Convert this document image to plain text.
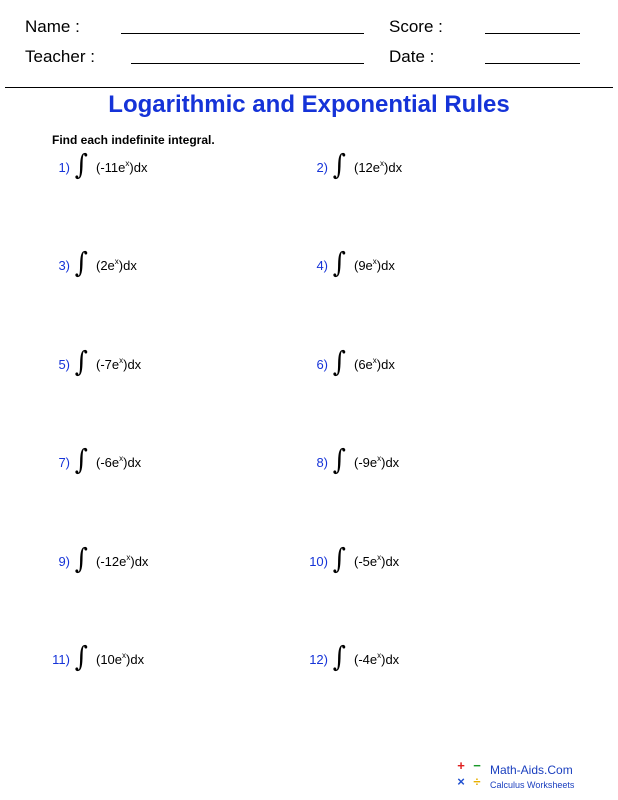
Name :	Score :
Teacher :	Date :
Logarithmic and Exponential Rules
Find each indefinite integral.
1) ∫ $(-11e^x)dx$	2) ∫ $(12e^x)dx$
3) ∫ $(2e^x)dx$	4) ∫ $(9e^x)dx$
5) ∫ $(-7e^x)dx$	6) ∫ $(6e^x)dx$
7) ∫ $(-6e^x)dx$	8) ∫ $(-9e^x)dx$
9) ∫ $(-12e^x)dx$	10) ∫ $(-5e^x)dx$
11) ∫ $(10e^x)dx$	12) ∫ $(-4e^x)dx$
+ −
× ÷
Math-Aids.Com
Calculus Worksheets
